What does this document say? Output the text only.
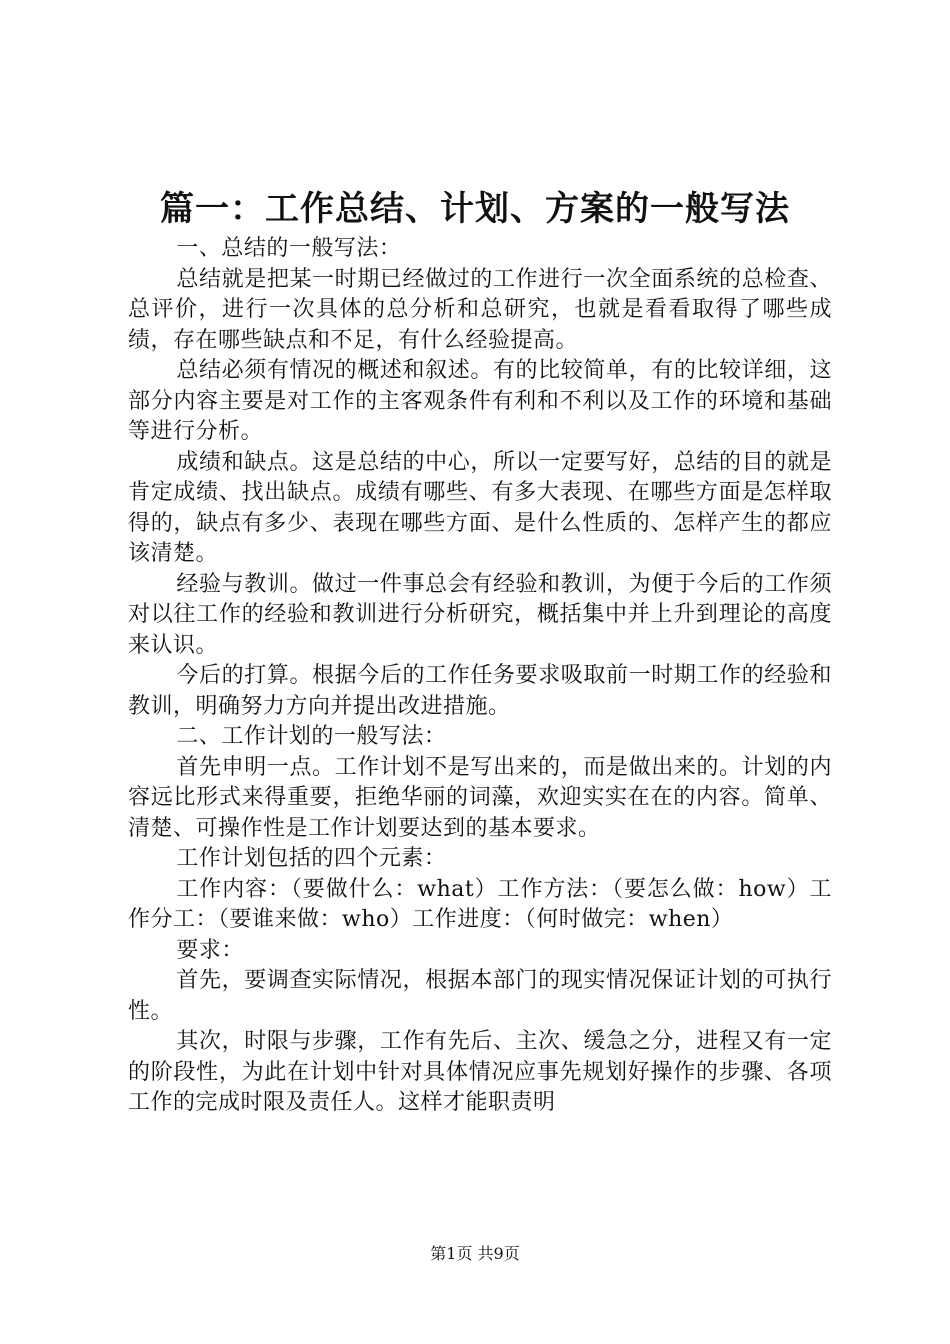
篇一：工作总结、计划、方案的一般写法

一、总结的一般写法：

总结就是把某一时期已经做过的工作进行一次全面系统的总检查、总评价，进行一次具体的总分析和总研究，也就是看看取得了哪些成绩，存在哪些缺点和不足，有什么经验提高。

总结必须有情况的概述和叙述。有的比较简单，有的比较详细，这部分内容主要是对工作的主客观条件有利和不利以及工作的环境和基础等进行分析。

成绩和缺点。这是总结的中心，所以一定要写好，总结的目的就是肯定成绩、找出缺点。成绩有哪些、有多大表现、在哪些方面是怎样取得的，缺点有多少、表现在哪些方面、是什么性质的、怎样产生的都应该清楚。

经验与教训。做过一件事总会有经验和教训，为便于今后的工作须对以往工作的经验和教训进行分析研究，概括集中并上升到理论的高度来认识。

今后的打算。根据今后的工作任务要求吸取前一时期工作的经验和教训，明确努力方向并提出改进措施。

二、工作计划的一般写法：

首先申明一点。工作计划不是写出来的，而是做出来的。计划的内容远比形式来得重要，拒绝华丽的词藻，欢迎实实在在的内容。简单、清楚、可操作性是工作计划要达到的基本要求。

工作计划包括的四个元素：

工作内容：（要做什么：what）工作方法：（要怎么做：how）工作分工：（要谁来做：who）工作进度：（何时做完：when）

要求：

首先，要调查实际情况，根据本部门的现实情况保证计划的可执行性。

其次，时限与步骤，工作有先后、主次、缓急之分，进程又有一定的阶段性，为此在计划中针对具体情况应事先规划好操作的步骤、各项工作的完成时限及责任人。这样才能职责明

第1页 共9页
